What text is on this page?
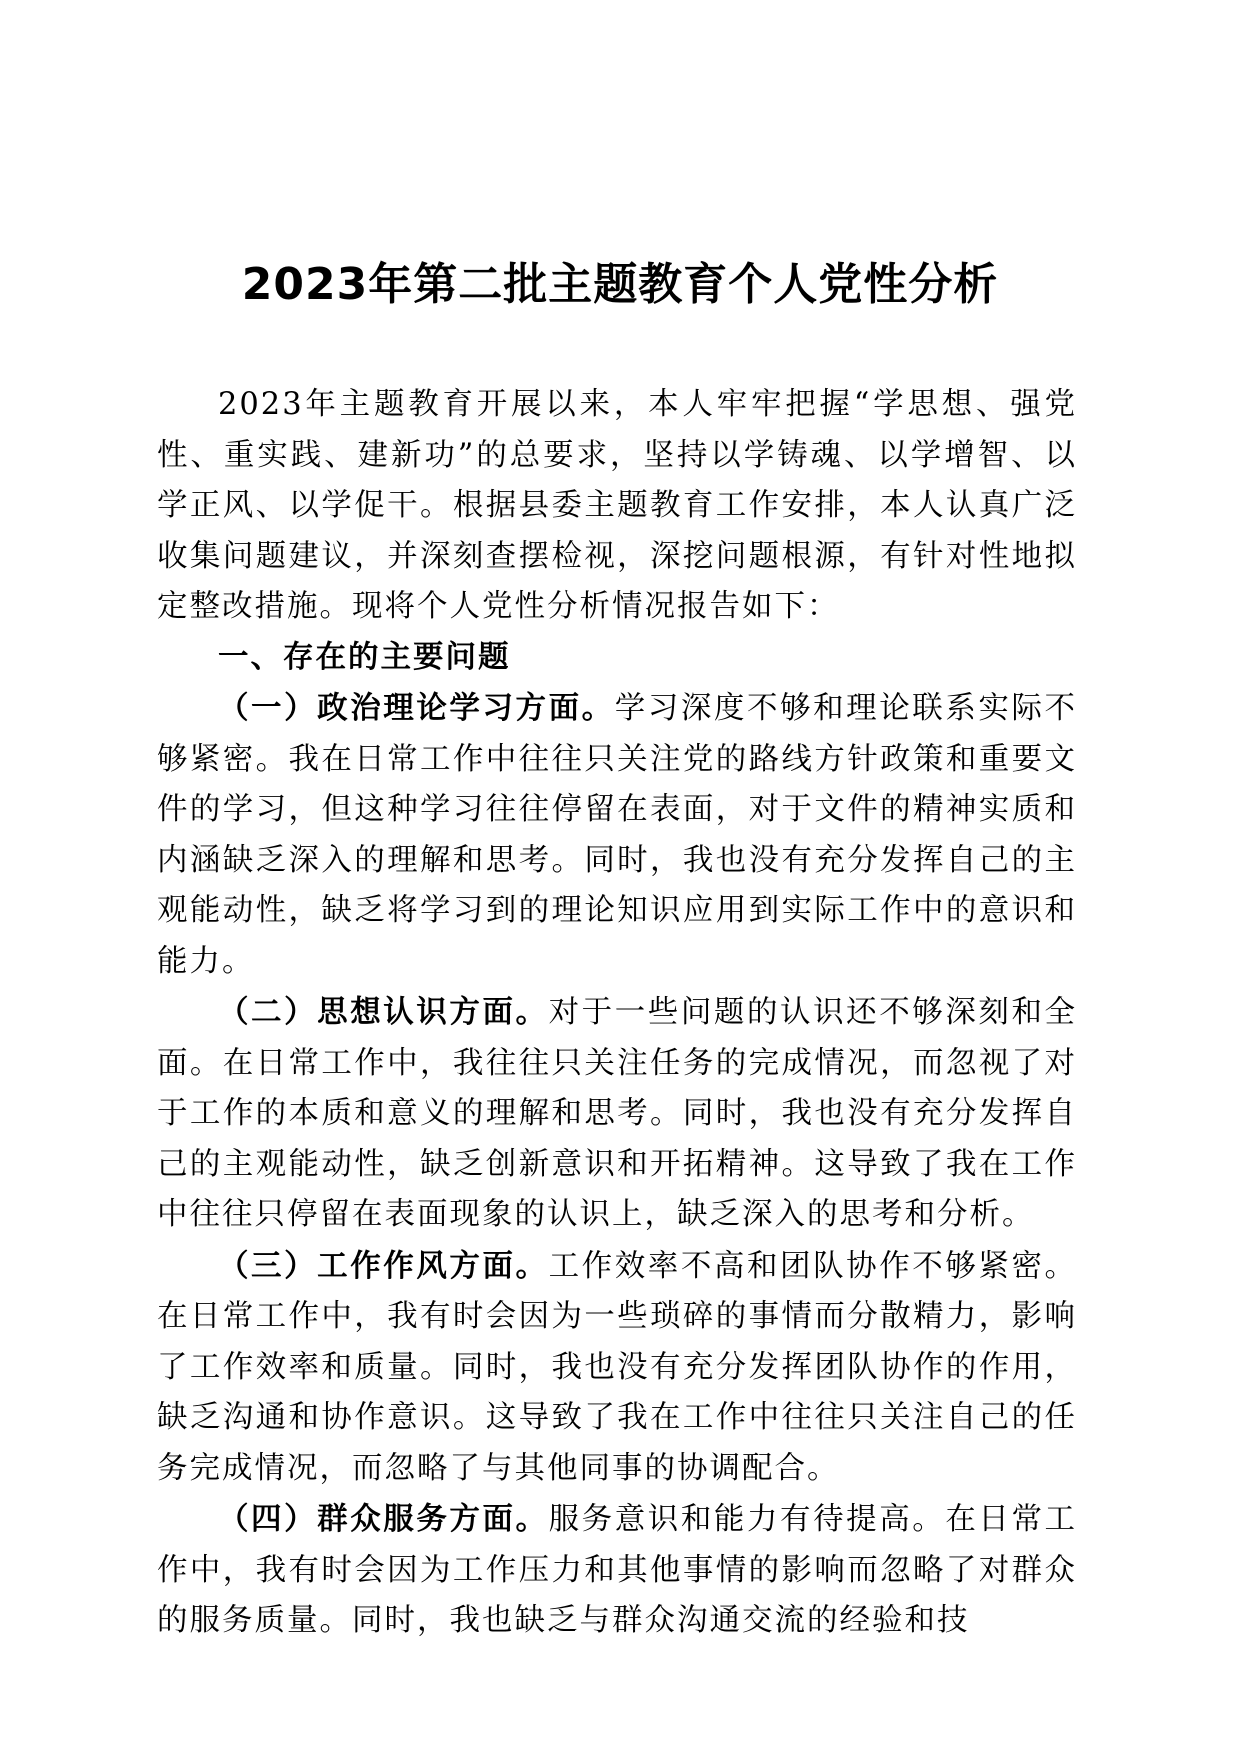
2023年第二批主题教育个人党性分析

2023年主题教育开展以来，本人牢牢把握“学思想、强党性、重实践、建新功”的总要求，坚持以学铸魂、以学增智、以学正风、以学促干。根据县委主题教育工作安排，本人认真广泛收集问题建议，并深刻查摆检视，深挖问题根源，有针对性地拟定整改措施。现将个人党性分析情况报告如下：

一、存在的主要问题

（一）政治理论学习方面。学习深度不够和理论联系实际不够紧密。我在日常工作中往往只关注党的路线方针政策和重要文件的学习，但这种学习往往停留在表面，对于文件的精神实质和内涵缺乏深入的理解和思考。同时，我也没有充分发挥自己的主观能动性，缺乏将学习到的理论知识应用到实际工作中的意识和能力。

（二）思想认识方面。对于一些问题的认识还不够深刻和全面。在日常工作中，我往往只关注任务的完成情况，而忽视了对于工作的本质和意义的理解和思考。同时，我也没有充分发挥自己的主观能动性，缺乏创新意识和开拓精神。这导致了我在工作中往往只停留在表面现象的认识上，缺乏深入的思考和分析。

（三）工作作风方面。工作效率不高和团队协作不够紧密。在日常工作中，我有时会因为一些琐碎的事情而分散精力，影响了工作效率和质量。同时，我也没有充分发挥团队协作的作用，缺乏沟通和协作意识。这导致了我在工作中往往只关注自己的任务完成情况，而忽略了与其他同事的协调配合。

（四）群众服务方面。服务意识和能力有待提高。在日常工作中，我有时会因为工作压力和其他事情的影响而忽略了对群众的服务质量。同时，我也缺乏与群众沟通交流的经验和技
